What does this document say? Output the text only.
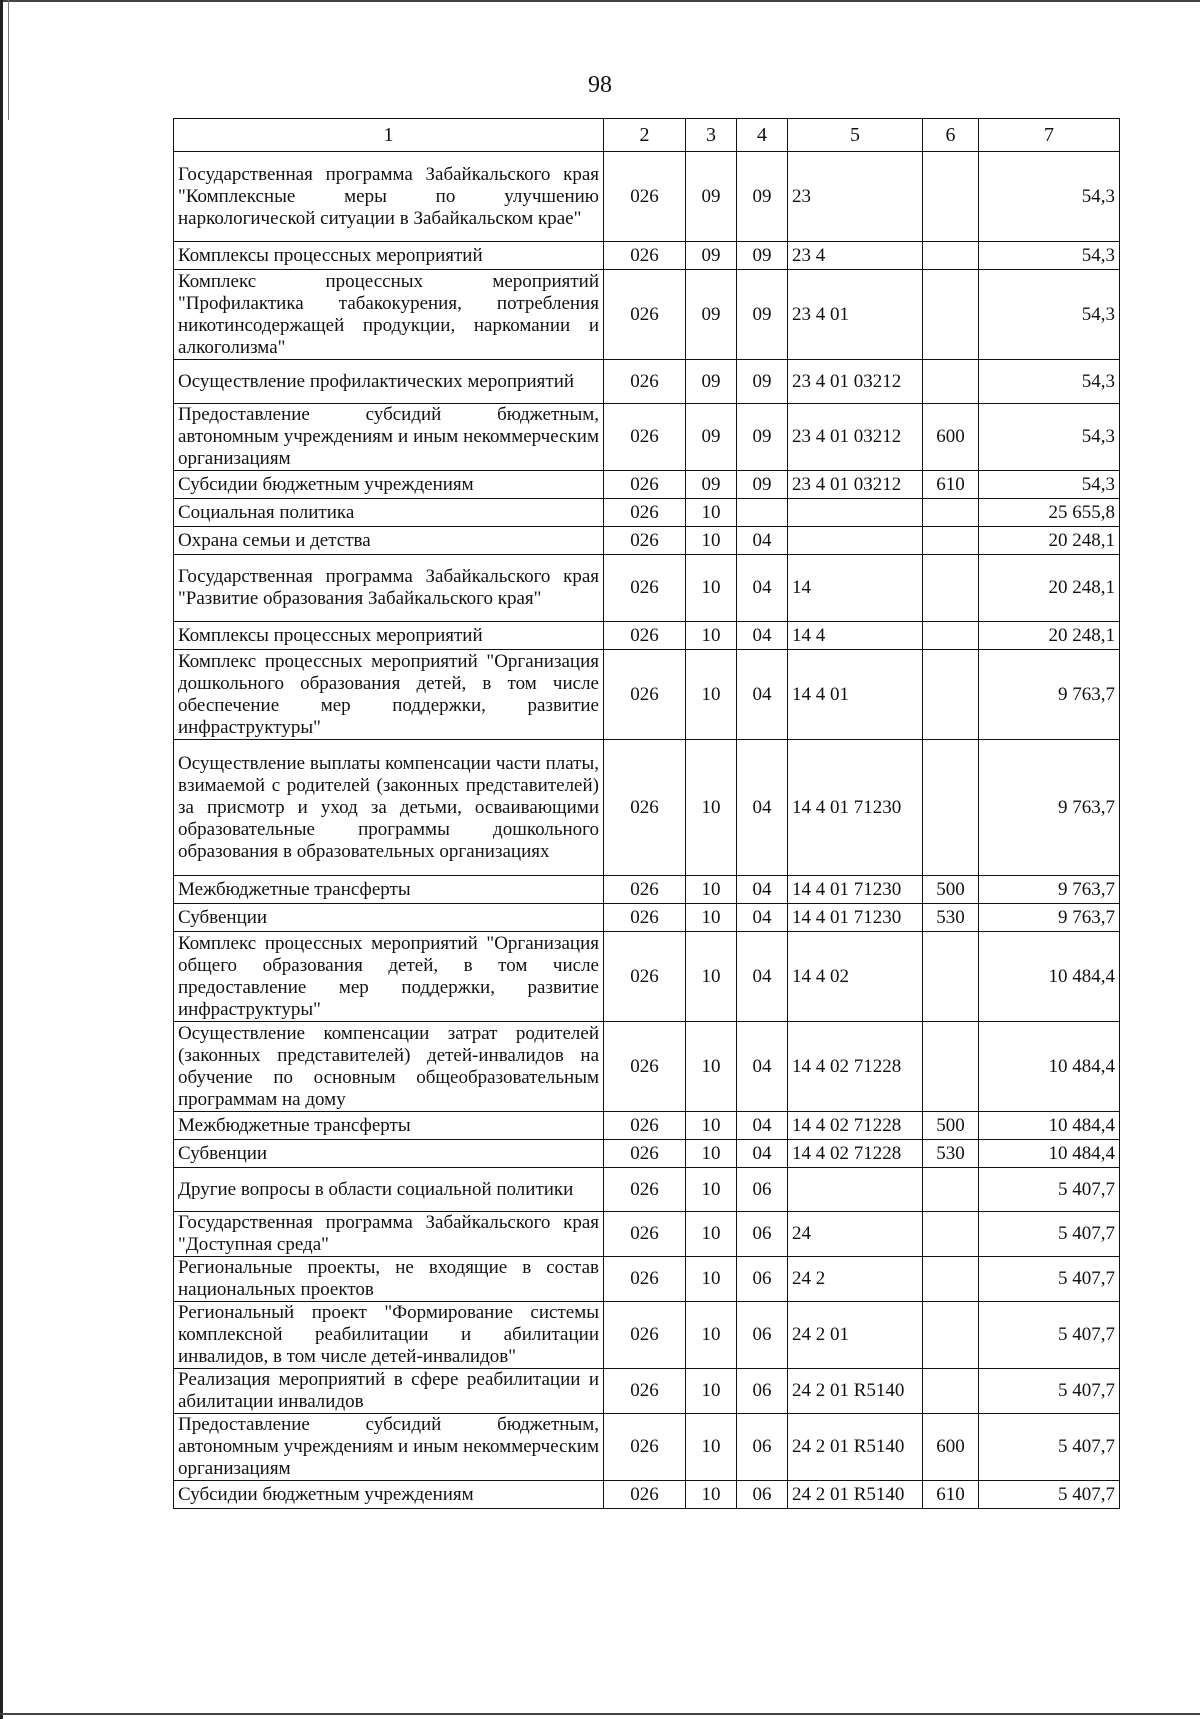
98
1	2	3	4	5	6	7
Государственная программа Забайкальского края "Комплексные меры по улучшению наркологической ситуации в Забайкальском крае"	026	09	09	23		54,3
Комплексы процессных мероприятий	026	09	09	23 4		54,3
Комплекс процессных мероприятий "Профилактика табакокурения, потребления никотинсодержащей продукции, наркомании и алкоголизма"	026	09	09	23 4 01		54,3
Осуществление профилактических мероприятий	026	09	09	23 4 01 03212		54,3
Предоставление субсидий бюджетным, автономным учреждениям и иным некоммерческим организациям	026	09	09	23 4 01 03212	600	54,3
Субсидии бюджетным учреждениям	026	09	09	23 4 01 03212	610	54,3
Социальная политика	026	10				25 655,8
Охрана семьи и детства	026	10	04			20 248,1
Государственная программа Забайкальского края "Развитие образования Забайкальского края"	026	10	04	14		20 248,1
Комплексы процессных мероприятий	026	10	04	14 4		20 248,1
Комплекс процессных мероприятий "Организация дошкольного образования детей, в том числе обеспечение мер поддержки, развитие инфраструктуры"	026	10	04	14 4 01		9 763,7
Осуществление выплаты компенсации части платы, взимаемой с родителей (законных представителей) за присмотр и уход за детьми, осваивающими образовательные программы дошкольного образования в образовательных организациях	026	10	04	14 4 01 71230		9 763,7
Межбюджетные трансферты	026	10	04	14 4 01 71230	500	9 763,7
Субвенции	026	10	04	14 4 01 71230	530	9 763,7
Комплекс процессных мероприятий "Организация общего образования детей, в том числе предоставление мер поддержки, развитие инфраструктуры"	026	10	04	14 4 02		10 484,4
Осуществление компенсации затрат родителей (законных представителей) детей-инвалидов на обучение по основным общеобразовательным программам на дому	026	10	04	14 4 02 71228		10 484,4
Межбюджетные трансферты	026	10	04	14 4 02 71228	500	10 484,4
Субвенции	026	10	04	14 4 02 71228	530	10 484,4
Другие вопросы в области социальной политики	026	10	06			5 407,7
Государственная программа Забайкальского края "Доступная среда"	026	10	06	24		5 407,7
Региональные проекты, не входящие в состав национальных проектов	026	10	06	24 2		5 407,7
Региональный проект "Формирование системы комплексной реабилитации и абилитации инвалидов, в том числе детей-инвалидов"	026	10	06	24 2 01		5 407,7
Реализация мероприятий в сфере реабилитации и абилитации инвалидов	026	10	06	24 2 01 R5140		5 407,7
Предоставление субсидий бюджетным, автономным учреждениям и иным некоммерческим организациям	026	10	06	24 2 01 R5140	600	5 407,7
Субсидии бюджетным учреждениям	026	10	06	24 2 01 R5140	610	5 407,7
